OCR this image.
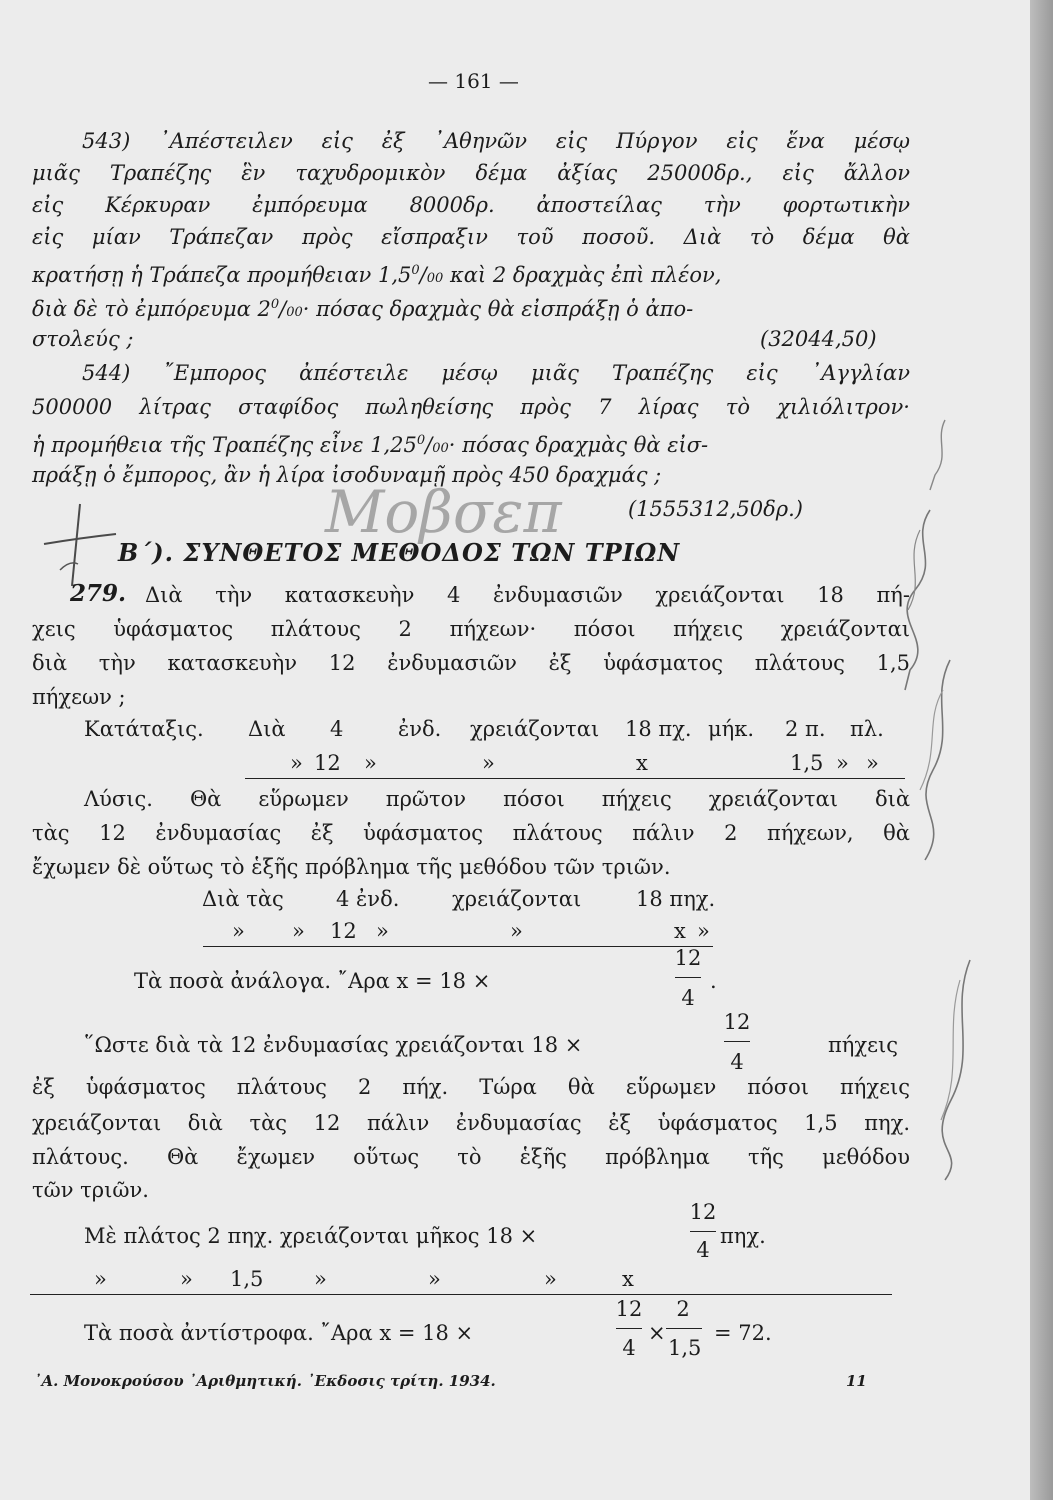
— 161 —
543) ᾿Απέστειλεν εἰς ἐξ ᾿Αθηνῶν εἰς Πύργον εἰς ἕνα μέσῳ
μιᾶς Τραπέζης ἓν ταχυδρομικὸν δέμα ἀξίας 25000δρ., εἰς ἄλλον
εἰς Κέρκυραν ἐμπόρευμα 8000δρ. ἀποστείλας τὴν φορτωτικὴν
εἰς μίαν Τράπεζαν πρὸς εἴσπραξιν τοῦ ποσοῦ. Διὰ τὸ δέμα θὰ
κρατήσῃ ἡ Τράπεζα προμήθειαν $1,5^0/00$ καὶ 2 δραχμὰς ἐπὶ πλέον,
διὰ δὲ τὸ ἐμπόρευμα $2^0/00\cdot \pi ό\sigma\alpha\varsigma$ δραχμὰς θὰ εἰσπράξῃ ὁ ἀπο-
στολεύς ;	(32044,50)
544) ῎Εμπορος ἀπέστειλε μέσῳ μιᾶς Τραπέζης εἰς ᾿Αγγλίαν
500000 λίτρας σταφίδος πωληθείσης πρὸς 7 λίρας τὸ χιλιόλιτρον·
ἡ προμήθεια τῆς Τραπέζης εἶνε $1,25^0/00\cdot \pi ό\sigma\alpha\varsigma$ δραχμὰς θὰ εἰσ-
πράξῃ ὁ ἔμπορος, ἂν ἡ λίρα ἰσοδυναμῇ πρὸς 450 δραχμάς ;
(1555312,50δρ.)
Μοβσεπ
Β΄). ΣΥΝΘΕΤΟΣ ΜΕΘΟΔΟΣ ΤΩΝ ΤΡΙΩΝ
279. Διὰ τὴν κατασκευὴν 4 ἐνδυμασιῶν χρειάζονται 18 πή-
χεις ὑφάσματος πλάτους 2 πήχεων· πόσοι πήχεις χρειάζονται
διὰ τὴν κατασκευὴν 12 ἐνδυμασιῶν ἐξ ὑφάσματος πλάτους 1,5
πήχεων ;
Κατάταξις. Διὰ 4	ἐνδ. χρειάζονται 18 πχ. μήκ. 2 π. πλ.
» 12 »	»	x	1,5 » »
Λύσις. Θὰ εὕρωμεν πρῶτον πόσοι πήχεις χρειάζονται διὰ
τὰς 12 ἐνδυμασίας ἐξ ὑφάσματος πλάτους πάλιν 2 πήχεων, θὰ
ἔχωμεν δὲ οὕτως τὸ ἑξῆς πρόβλημα τῆς μεθόδου τῶν τριῶν.
Διὰ τὰς 4 ἐνδ.	χρειάζονται	18 πηχ.
» » 12 »	»	x »
Τὰ ποσὰ ἀνάλογα. ῎Αρα x = 18 ×
12
4
.
῞Ωστε διὰ τὰ 12 ἐνδυμασίας χρειάζονται 18 ×
12
4
πήχεις
ἐξ ὑφάσματος πλάτους 2 πήχ. Τώρα θὰ εὕρωμεν πόσοι πήχεις
χρειάζονται διὰ τὰς 12 πάλιν ἐνδυμασίας ἐξ ὑφάσματος 1,5 πηχ.
πλάτους. Θὰ ἔχωμεν οὕτως τὸ ἑξῆς πρόβλημα τῆς μεθόδου
τῶν τριῶν.
Μὲ πλάτος 2 πηχ. χρειάζονται μῆκος 18 ×
12
4
πηχ.
»	» 1,5 »	»	»	x
Τὰ ποσὰ ἀντίστροφα. ῎Αρα x = 18 ×
12
4
×
2
1,5
= 72.
᾿Α. Μονοκρούσου ᾿Αριθμητική. ᾿Εκδοσις τρίτη. 1934.	11
